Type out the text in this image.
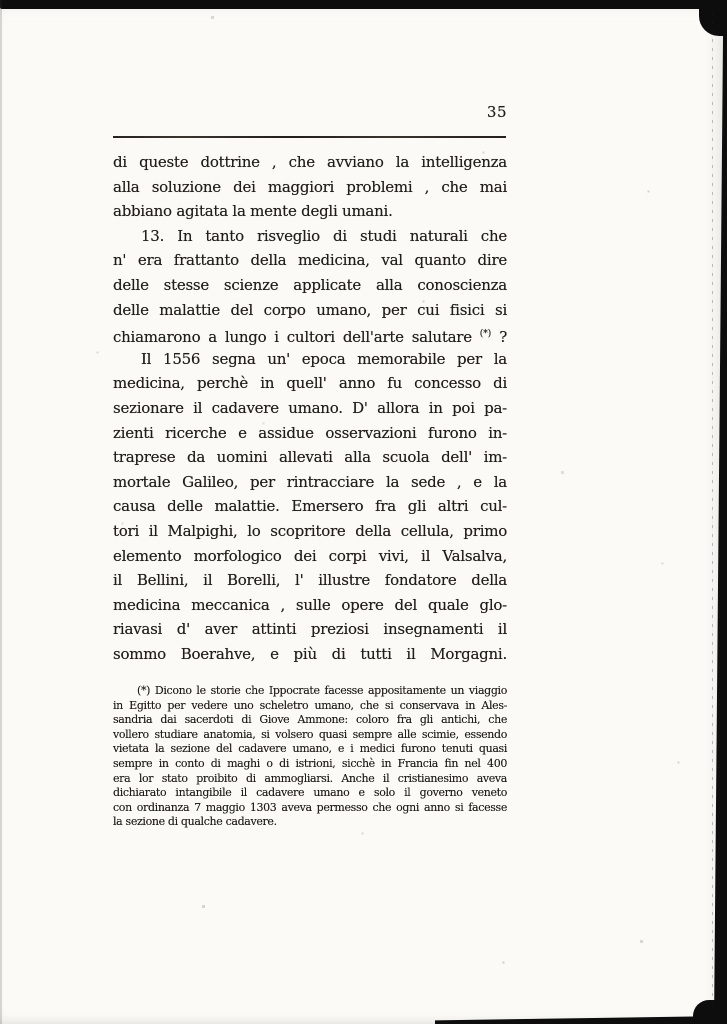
35
di queste dottrine , che avviano la intelligenza
alla soluzione dei maggiori problemi , che mai
abbiano agitata la mente degli umani.
13. In tanto risveglio di studi naturali che
n' era frattanto della medicina, val quanto dire
delle stesse scienze applicate alla conoscienza
delle malattie del corpo umano, per cui fisici si
chiamarono a lungo i cultori dell'arte salutare (*) ?
Il 1556 segna un' epoca memorabile per la
medicina, perchè in quell' anno fu concesso di
sezionare il cadavere umano. D' allora in poi pa-
zienti ricerche e assidue osservazioni furono in-
traprese da uomini allevati alla scuola dell' im-
mortale Galileo, per rintracciare la sede , e la
causa delle malattie. Emersero fra gli altri cul-
tori il Malpighi, lo scopritore della cellula, primo
elemento morfologico dei corpi vivi, il Valsalva,
il Bellini, il Borelli, l' illustre fondatore della
medicina meccanica , sulle opere del quale glo-
riavasi d' aver attinti preziosi insegnamenti il
sommo Boerahve, e più di tutti il Morgagni.
(*) Dicono le storie che Ippocrate facesse appositamente un viaggio
in Egitto per vedere uno scheletro umano, che si conservava in Ales-
sandria dai sacerdoti di Giove Ammone: coloro fra gli antichi, che
vollero studiare anatomia, si volsero quasi sempre alle scimie, essendo
vietata la sezione del cadavere umano, e i medici furono tenuti quasi
sempre in conto di maghi o di istrioni, sicchè in Francia fin nel 400
era lor stato proibito di ammogliarsi. Anche il cristianesimo aveva
dichiarato intangibile il cadavere umano e solo il governo veneto
con ordinanza 7 maggio 1303 aveva permesso che ogni anno si facesse
la sezione di qualche cadavere.
